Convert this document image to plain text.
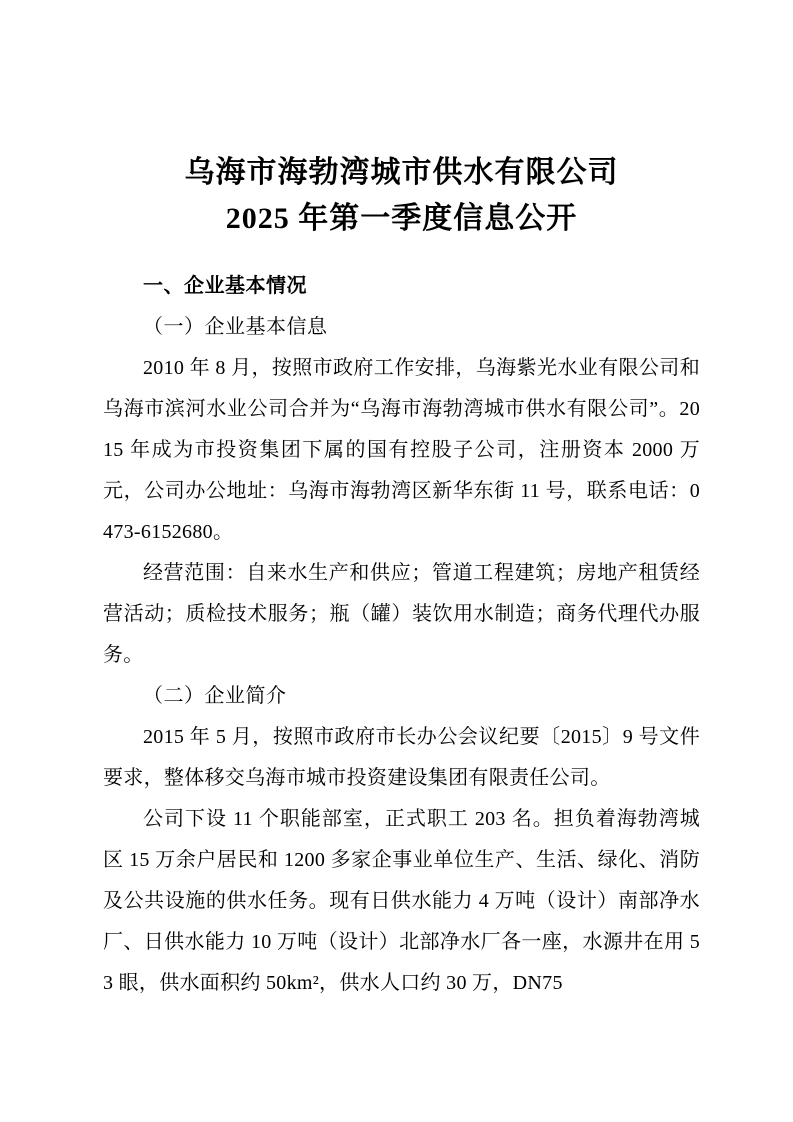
乌海市海勃湾城市供水有限公司
2025 年第一季度信息公开
一、企业基本情况
（一）企业基本信息

2010 年 8 月，按照市政府工作安排，乌海紫光水业有限公司和乌海市滨河水业公司合并为“乌海市海勃湾城市供水有限公司”。2015 年成为市投资集团下属的国有控股子公司，注册资本 2000 万元，公司办公地址：乌海市海勃湾区新华东街 11 号，联系电话：0473-6152680。

经营范围：自来水生产和供应；管道工程建筑；房地产租赁经营活动；质检技术服务；瓶（罐）装饮用水制造；商务代理代办服务。

（二）企业简介

2015 年 5 月，按照市政府市长办公会议纪要〔2015〕9 号文件要求，整体移交乌海市城市投资建设集团有限责任公司。

公司下设 11 个职能部室，正式职工 203 名。担负着海勃湾城区 15 万余户居民和 1200 多家企事业单位生产、生活、绿化、消防及公共设施的供水任务。现有日供水能力 4 万吨（设计）南部净水厂、日供水能力 10 万吨（设计）北部净水厂各一座，水源井在用 53 眼，供水面积约 50km²，供水人口约 30 万，DN75
